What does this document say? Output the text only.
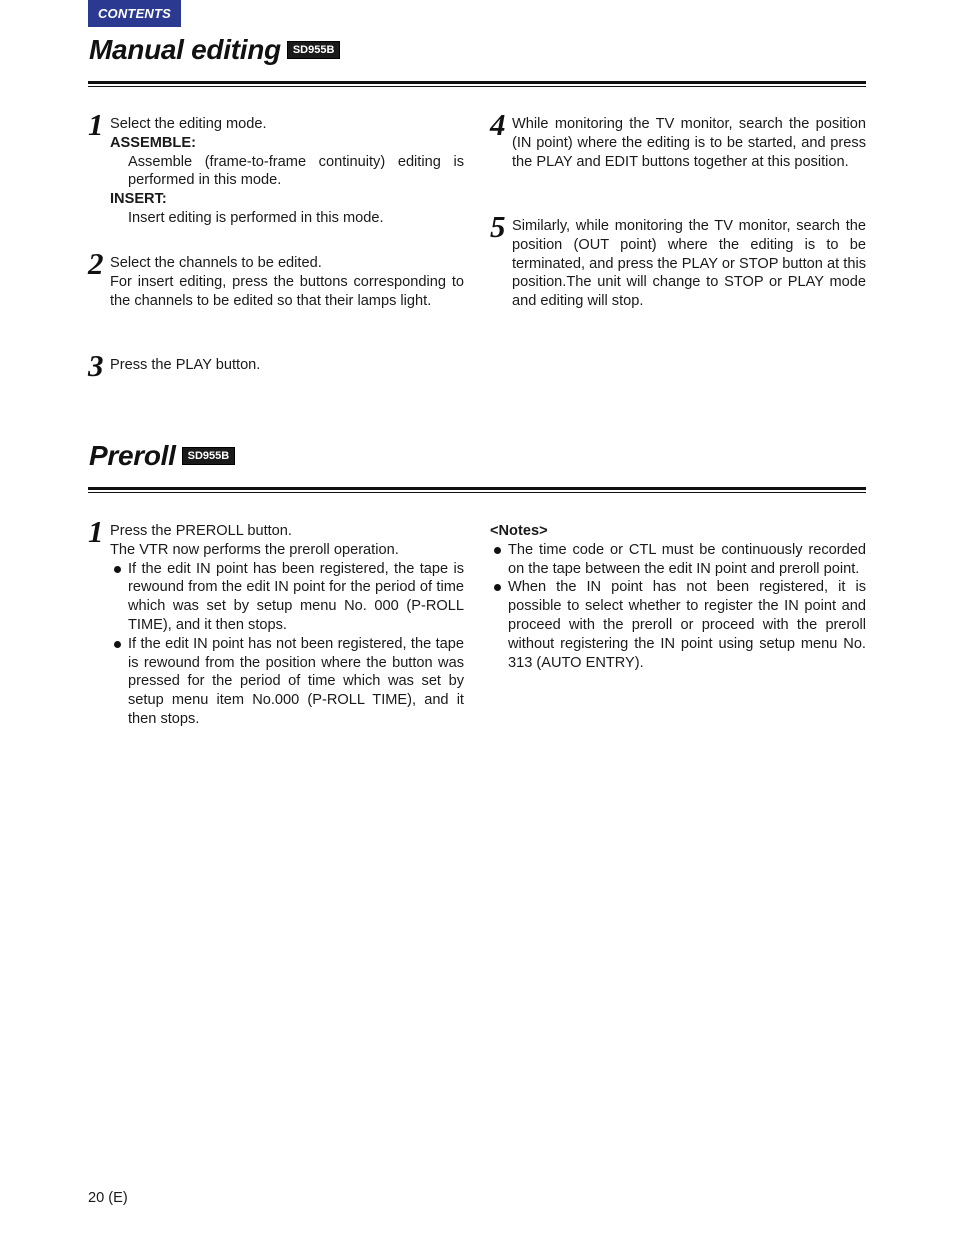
CONTENTS
Manual editing	SD955B
1 Select the editing mode.
ASSEMBLE:
Assemble (frame-to-frame continuity) editing is performed in this mode.
INSERT:
Insert editing is performed in this mode.
2 Select the channels to be edited.
For insert editing, press the buttons corresponding to the channels to be edited so that their lamps light.
3 Press the PLAY button.
4 While monitoring the TV monitor, search the position (IN point) where the editing is to be started, and press the PLAY and EDIT buttons together at this position.
5 Similarly, while monitoring the TV monitor, search the position (OUT point) where the editing is to be terminated, and press the PLAY or STOP button at this position.The unit will change to STOP or PLAY mode and editing will stop.
Preroll	SD955B
1 Press the PREROLL button.
The VTR now performs the preroll operation.
If the edit IN point has been registered, the tape is rewound from the edit IN point for the period of time which was set by setup menu No. 000 (P-ROLL TIME), and it then stops.
If the edit IN point has not been registered, the tape is rewound from the position where the button was pressed for the period of time which was set by setup menu item No.000 (P-ROLL TIME), and it then stops.
<Notes>
The time code or CTL must be continuously recorded on the tape between the edit IN point and preroll point.
When the IN point has not been registered, it is possible to select whether to register the IN point and proceed with the preroll or proceed with the preroll without registering the IN point using setup menu No. 313 (AUTO ENTRY).
20 (E)
